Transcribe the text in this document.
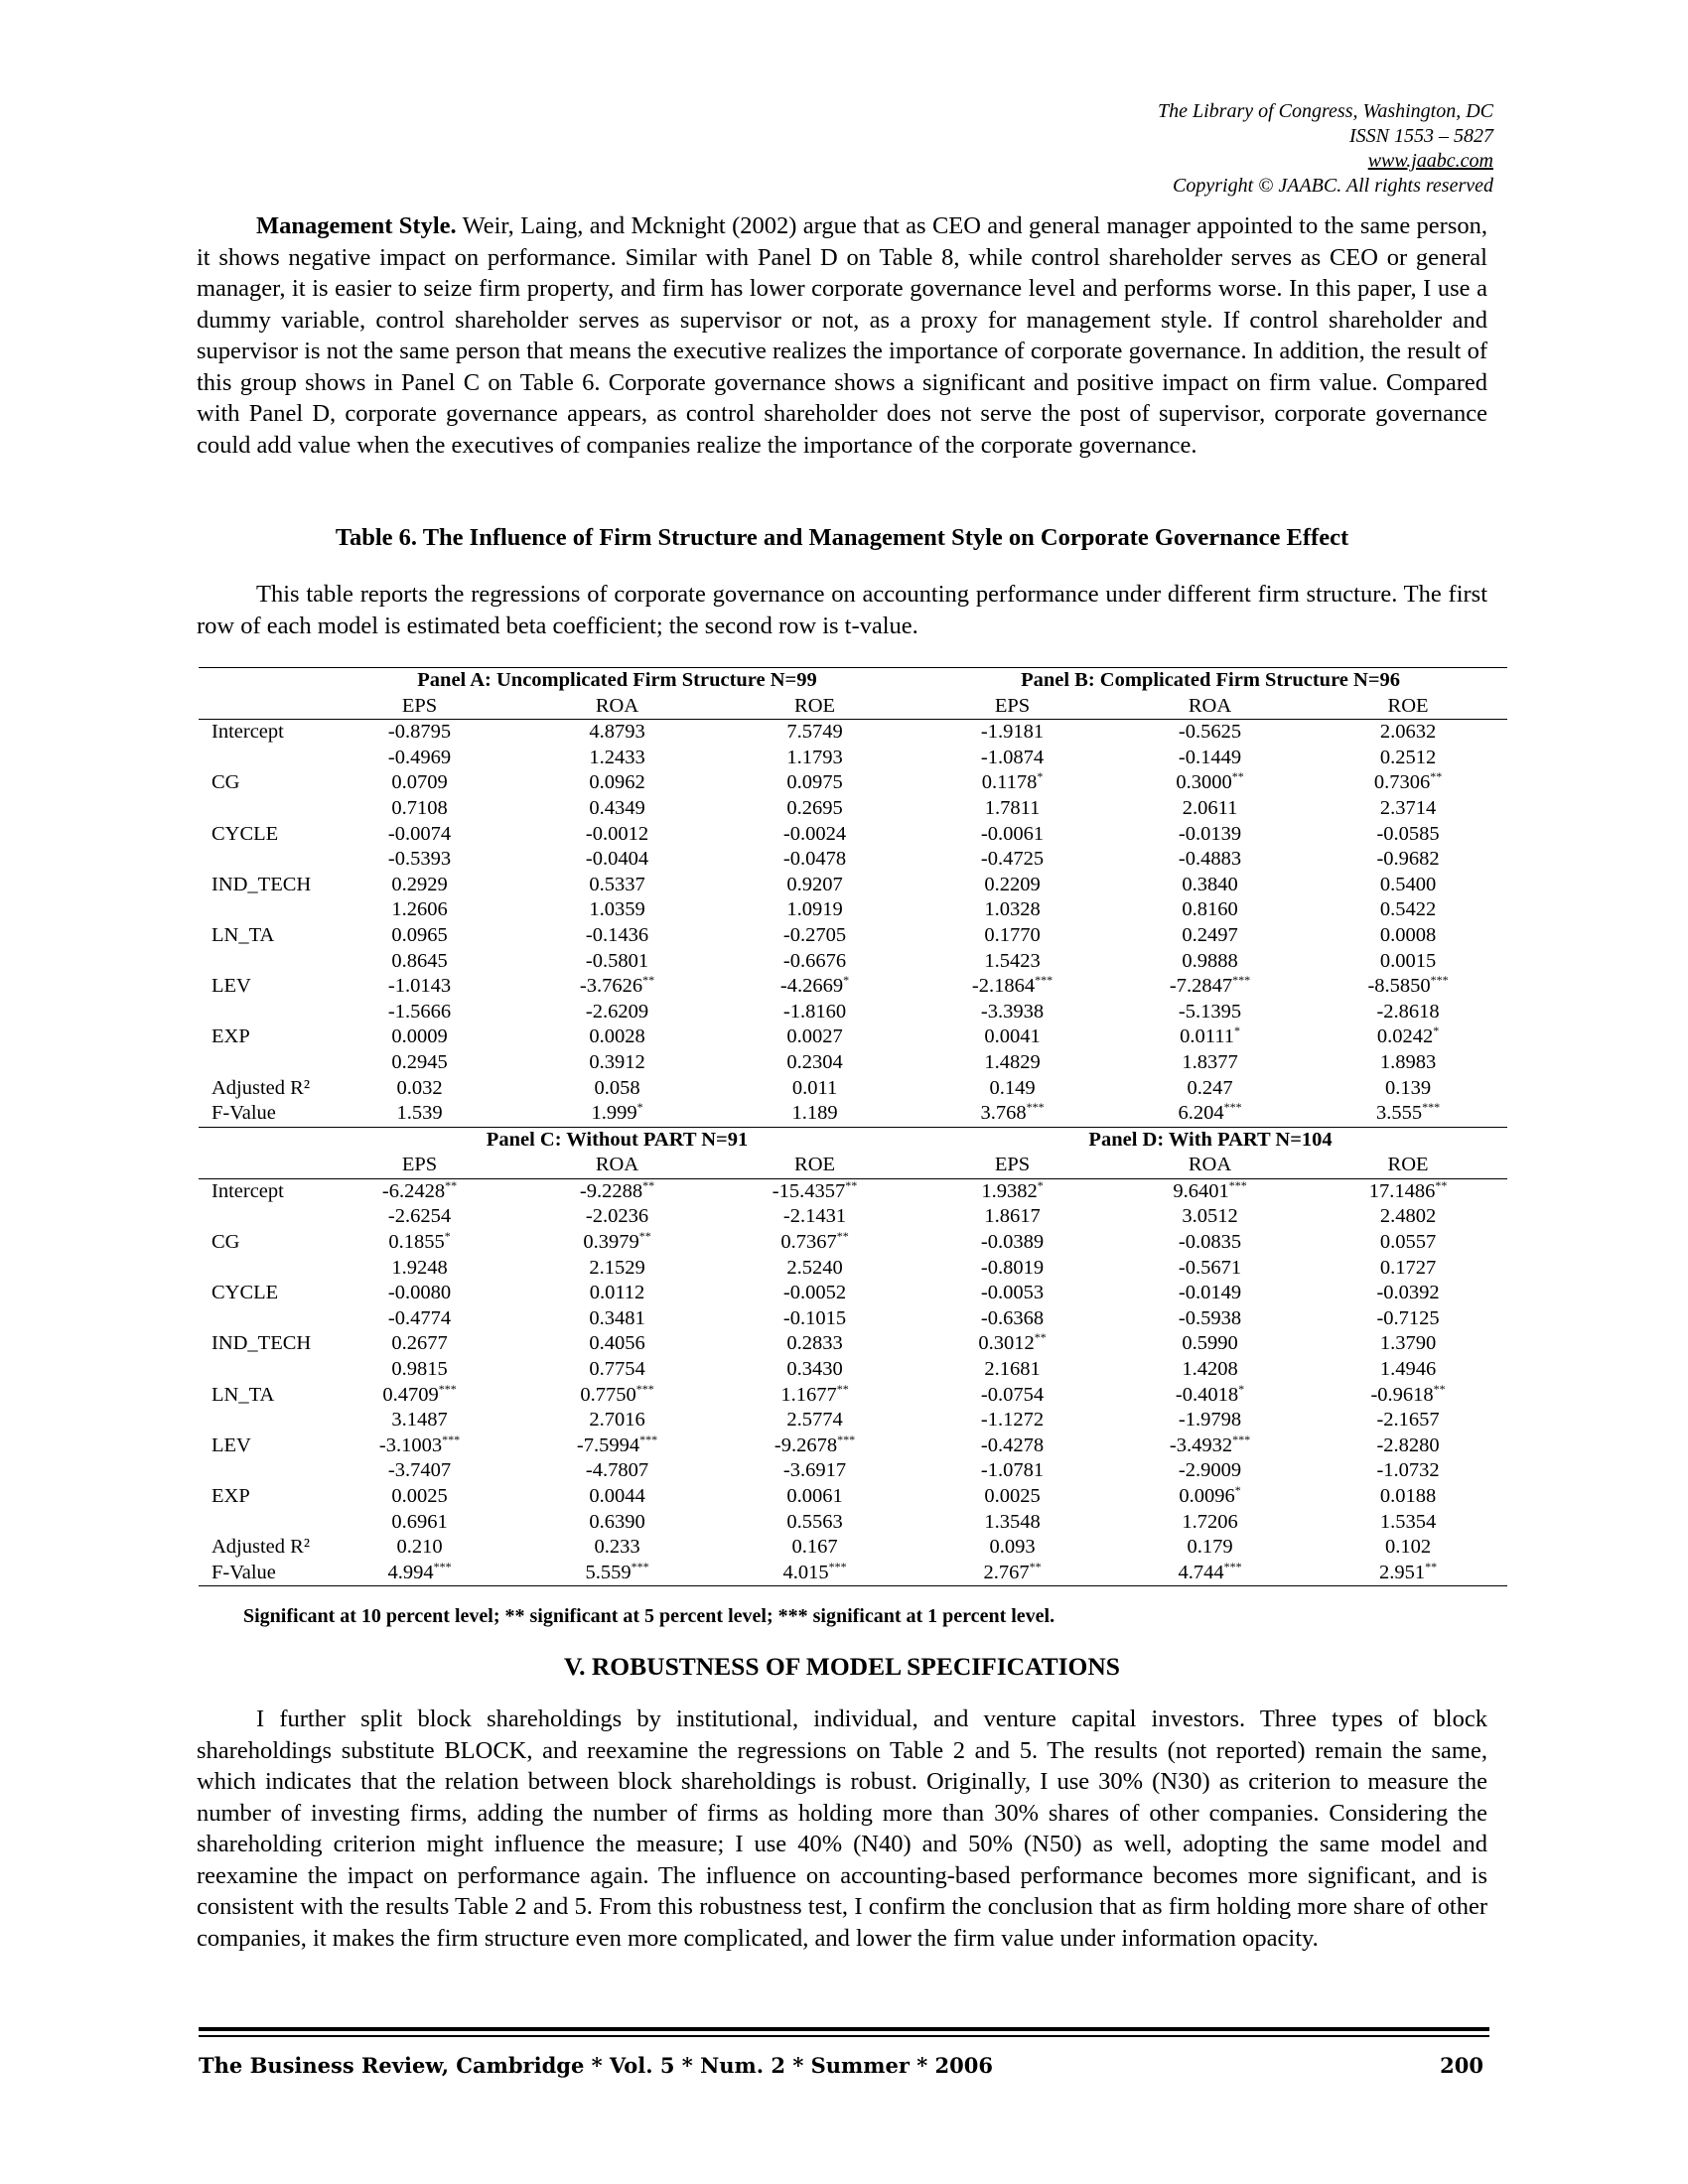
The Library of Congress, Washington, DC
ISSN 1553 – 5827
www.jaabc.com
Copyright © JAABC. All rights reserved

Management Style. Weir, Laing, and Mcknight (2002) argue that as CEO and general manager appointed to the same person, it shows negative impact on performance. Similar with Panel D on Table 8, while control shareholder serves as CEO or general manager, it is easier to seize firm property, and firm has lower corporate governance level and performs worse. In this paper, I use a dummy variable, control shareholder serves as supervisor or not, as a proxy for management style. If control shareholder and supervisor is not the same person that means the executive realizes the importance of corporate governance. In addition, the result of this group shows in Panel C on Table 6. Corporate governance shows a significant and positive impact on firm value. Compared with Panel D, corporate governance appears, as control shareholder does not serve the post of supervisor, corporate governance could add value when the executives of companies realize the importance of the corporate governance.

Table 6. The Influence of Firm Structure and Management Style on Corporate Governance Effect

This table reports the regressions of corporate governance on accounting performance under different firm structure. The first row of each model is estimated beta coefficient; the second row is t-value.

	Panel A: Uncomplicated Firm Structure N=99			Panel B: Complicated Firm Structure N=96		
	EPS	ROA	ROE	EPS	ROA	ROE
Intercept	-0.8795	4.8793	7.5749	-1.9181	-0.5625	2.0632
	-0.4969	1.2433	1.1793	-1.0874	-0.1449	0.2512
CG	0.0709	0.0962	0.0975	0.1178*	0.3000**	0.7306**
	0.7108	0.4349	0.2695	1.7811	2.0611	2.3714
CYCLE	-0.0074	-0.0012	-0.0024	-0.0061	-0.0139	-0.0585
	-0.5393	-0.0404	-0.0478	-0.4725	-0.4883	-0.9682
IND_TECH	0.2929	0.5337	0.9207	0.2209	0.3840	0.5400
	1.2606	1.0359	1.0919	1.0328	0.8160	0.5422
LN_TA	0.0965	-0.1436	-0.2705	0.1770	0.2497	0.0008
	0.8645	-0.5801	-0.6676	1.5423	0.9888	0.0015
LEV	-1.0143	-3.7626**	-4.2669*	-2.1864***	-7.2847***	-8.5850***
	-1.5666	-2.6209	-1.8160	-3.3938	-5.1395	-2.8618
EXP	0.0009	0.0028	0.0027	0.0041	0.0111*	0.0242*
	0.2945	0.3912	0.2304	1.4829	1.8377	1.8983
Adjusted R²	0.032	0.058	0.011	0.149	0.247	0.139
F-Value	1.539	1.999*	1.189	3.768***	6.204***	3.555***
	Panel C: Without PART N=91			Panel D: With PART N=104		
	EPS	ROA	ROE	EPS	ROA	ROE
Intercept	-6.2428**	-9.2288**	-15.4357**	1.9382*	9.6401***	17.1486**
	-2.6254	-2.0236	-2.1431	1.8617	3.0512	2.4802
CG	0.1855*	0.3979**	0.7367**	-0.0389	-0.0835	0.0557
	1.9248	2.1529	2.5240	-0.8019	-0.5671	0.1727
CYCLE	-0.0080	0.0112	-0.0052	-0.0053	-0.0149	-0.0392
	-0.4774	0.3481	-0.1015	-0.6368	-0.5938	-0.7125
IND_TECH	0.2677	0.4056	0.2833	0.3012**	0.5990	1.3790
	0.9815	0.7754	0.3430	2.1681	1.4208	1.4946
LN_TA	0.4709***	0.7750***	1.1677**	-0.0754	-0.4018*	-0.9618**
	3.1487	2.7016	2.5774	-1.1272	-1.9798	-2.1657
LEV	-3.1003***	-7.5994***	-9.2678***	-0.4278	-3.4932***	-2.8280
	-3.7407	-4.7807	-3.6917	-1.0781	-2.9009	-1.0732
EXP	0.0025	0.0044	0.0061	0.0025	0.0096*	0.0188
	0.6961	0.6390	0.5563	1.3548	1.7206	1.5354
Adjusted R²	0.210	0.233	0.167	0.093	0.179	0.102
F-Value	4.994***	5.559***	4.015***	2.767**	4.744***	2.951**
Significant at 10 percent level; ** significant at 5 percent level; *** significant at 1 percent level.

V. ROBUSTNESS OF MODEL SPECIFICATIONS

I further split block shareholdings by institutional, individual, and venture capital investors. Three types of block shareholdings substitute BLOCK, and reexamine the regressions on Table 2 and 5. The results (not reported) remain the same, which indicates that the relation between block shareholdings is robust. Originally, I use 30% (N30) as criterion to measure the number of investing firms, adding the number of firms as holding more than 30% shares of other companies. Considering the shareholding criterion might influence the measure; I use 40% (N40) and 50% (N50) as well, adopting the same model and reexamine the impact on performance again. The influence on accounting-based performance becomes more significant, and is consistent with the results Table 2 and 5. From this robustness test, I confirm the conclusion that as firm holding more share of other companies, it makes the firm structure even more complicated, and lower the firm value under information opacity.

The Business Review, Cambridge * Vol. 5 * Num. 2 * Summer * 2006	200
